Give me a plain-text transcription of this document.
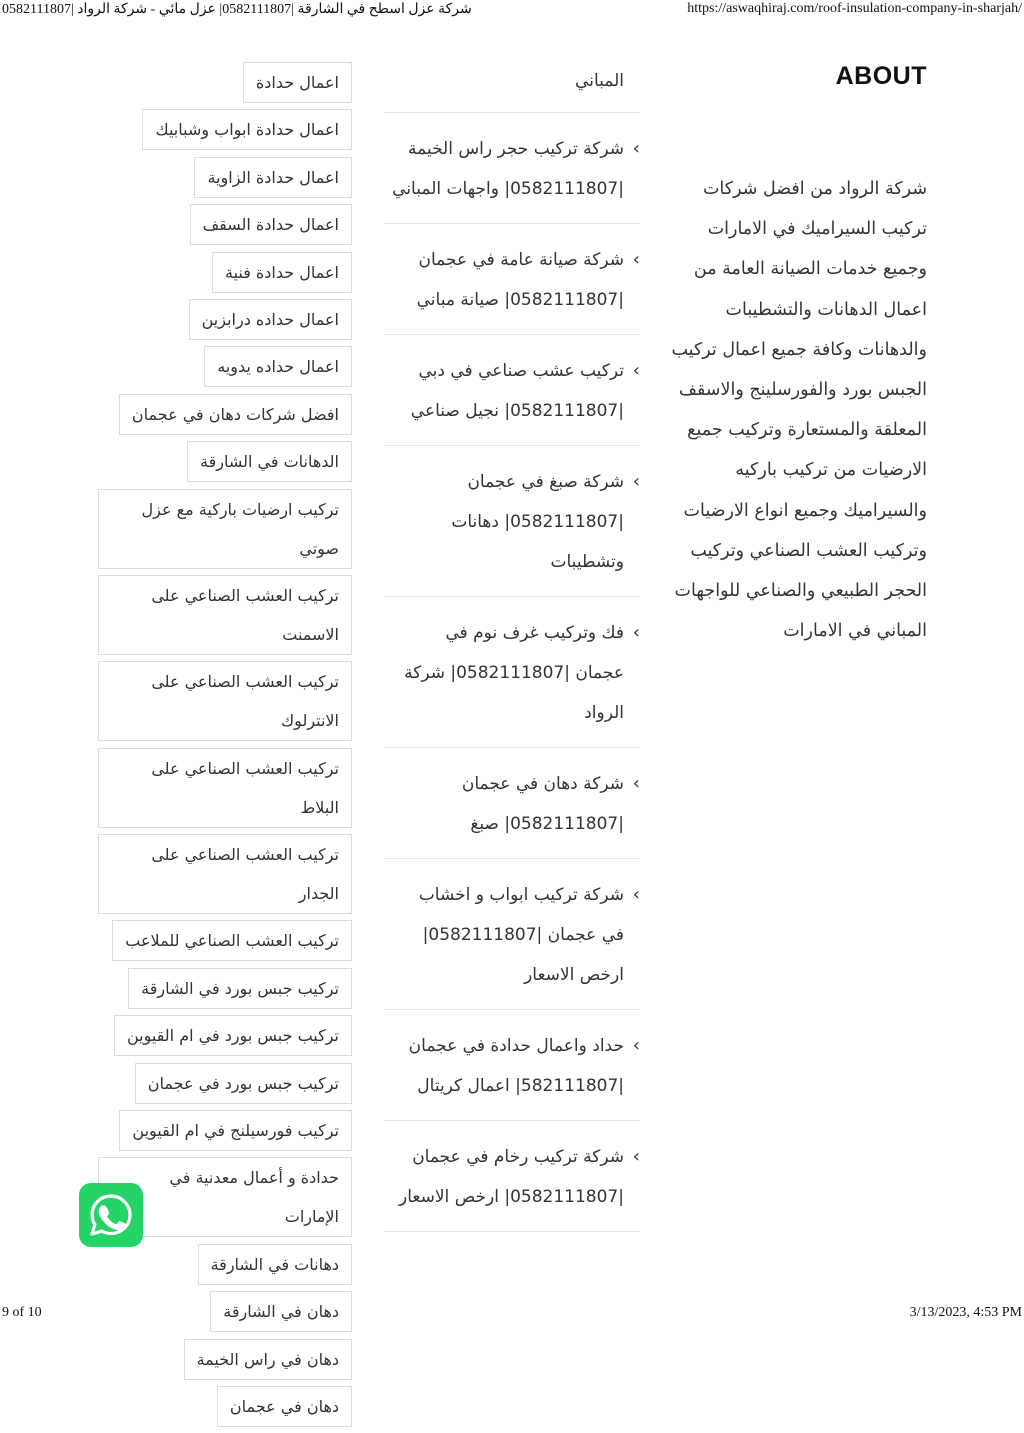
شركة عزل اسطح في الشارقة |0582111807| عزل مائي - شركة الرواد |0582111807	https://aswaqhiraj.com/roof-insulation-company-in-sharjah/
ABOUT

شركة الرواد من افضل شركات تركيب السيراميك في الامارات وجميع خدمات الصيانة العامة من اعمال الدهانات والتشطيبات والدهانات وكافة جميع اعمال تركيب الجبس بورد والفورسلينج والاسقف المعلقة والمستعارة وتركيب جميع الارضيات من تركيب باركيه والسيراميك وجميع انواع الارضيات وتركيب العشب الصناعي وتركيب الحجر الطبيعي والصناعي للواجهات المباني في الامارات

المباني
›
شركة تركيب حجر راس الخيمة |0582111807| واجهات المباني
›
شركة صيانة عامة في عجمان |0582111807| صيانة مباني
›
تركيب عشب صناعي في دبي |0582111807| نجيل صناعي
›
شركة صبغ في عجمان |0582111807| دهانات وتشطيبات
›
فك وتركيب غرف نوم في عجمان |0582111807| شركة الرواد
›
شركة دهان في عجمان |0582111807| صبغ
›
شركة تركيب ابواب و اخشاب في عجمان |0582111807| ارخص الاسعار
›
حداد واعمال حدادة في عجمان |582111807| اعمال كريتال
›
شركة تركيب رخام في عجمان |0582111807| ارخص الاسعار
اعمال حدادة
اعمال حدادة ابواب وشبابيك
اعمال حدادة الزاوية
اعمال حدادة السقف
اعمال حدادة فنية
اعمال حداده درابزين
اعمال حداده يدويه
افضل شركات دهان في عجمان
الدهانات في الشارقة
تركيب ارضيات باركية مع عزل صوتي
تركيب العشب الصناعي على الاسمنت
تركيب العشب الصناعي على الانترلوك
تركيب العشب الصناعي على البلاط
تركيب العشب الصناعي على الجدار
تركيب العشب الصناعي للملاعب
تركيب جبس بورد في الشارقة
تركيب جبس بورد في ام القيوين
تركيب جبس بورد في عجمان
تركيب فورسيلنج في ام القيوين
حدادة و أعمال معدنية في الإمارات
دهانات في الشارقة
دهان في الشارقة
دهان في راس الخيمة
دهان في عجمان
9 of 10	3/13/2023, 4:53 PM
